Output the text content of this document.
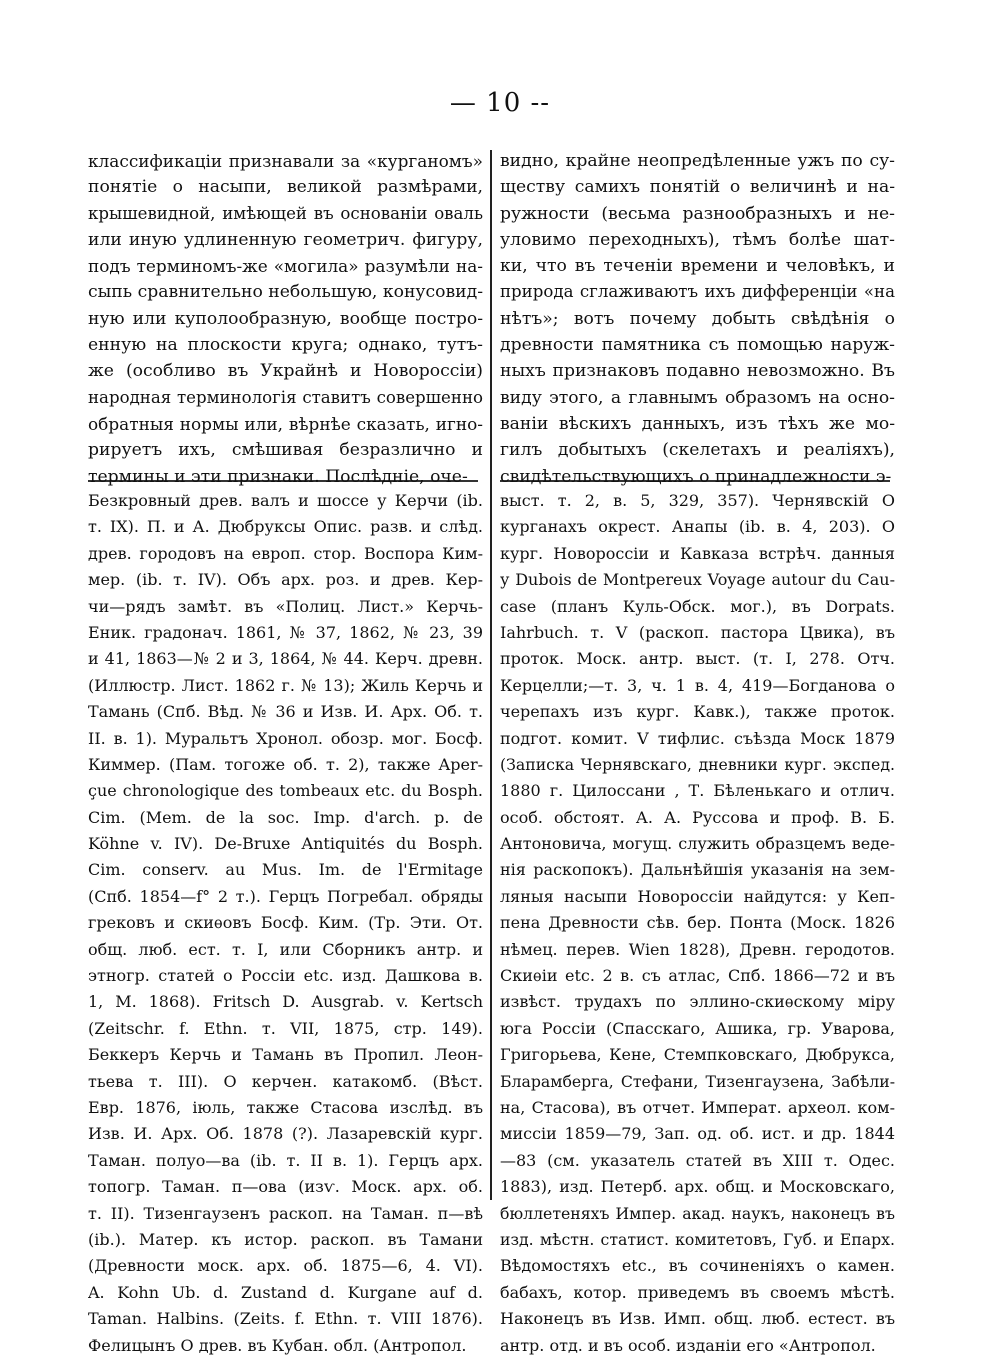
— 10 --
классификаціи признавали за «курганомъ»
понятіе о насыпи, великой размѣрами,
крышевидной, имѣющей въ основаніи оваль
или иную удлиненную геометрич. фигуру,
подъ терминомъ-же «могила» разумѣли на-
сыпь сравнительно небольшую, конусовид-
ную или куполообразную, вообще постро-
енную на плоскости круга; однако, тутъ-
же (особливо въ Украйнѣ и Новороссіи)
народная терминологія ставитъ совершенно
обратныя нормы или, вѣрнѣе сказать, игно-
рируетъ ихъ, смѣшивая безразлично и
термины и эти признаки. Послѣдніе, оче-
видно, крайне неопредѣленные ужъ по су-
ществу самихъ понятій о величинѣ и на-
ружности (весьма разнообразныхъ и не-
уловимо переходныхъ), тѣмъ болѣе шат-
ки, что въ теченіи времени и человѣкъ, и
природа сглаживаютъ ихъ дифференціи «на
нѣтъ»; вотъ почему добыть свѣдѣнія о
древности памятника съ помощью наруж-
ныхъ признаковъ подавно невозможно. Въ
виду этого, а главнымъ образомъ на осно-
ваніи вѣскихъ данныхъ, изъ тѣхъ же мо-
гилъ добытыхъ (скелетахъ и реаліяхъ),
свидѣтельствующихъ о принадлежности э-
Безкровный древ. валъ и шоссе у Керчи (ib.
т. IX). П. и А. Дюбруксы Опис. разв. и слѣд.
древ. городовъ на европ. стор. Воспора Ким-
мер. (ib. т. IV). Объ арх. роз. и древ. Кер-
чи—рядъ замѣт. въ «Полиц. Лист.» Керчь-
Еник. градонач. 1861, № 37, 1862, № 23, 39
и 41, 1863—№ 2 и 3, 1864, № 44. Керч. древн.
(Иллюстр. Лист. 1862 г. № 13); Жиль Керчь и
Тамань (Спб. Вѣд. № 36 и Изв. И. Арх. Об. т.
II. в. 1). Муральтъ Хронол. обозр. мог. Босф.
Киммер. (Пам. тогоже об. т. 2), также Aper-
çue chronologique des tombeaux etc. du Bosph.
Cim. (Mem. de la soc. Imp. d'arch. p. de
Köhne v. IV). De-Bruxe Antiquités du Bosph.
Cim. conserv. au Mus. Im. de l'Ermitage
(Спб. 1854—f° 2 т.). Герцъ Погребал. обряды
грековъ и скиѳовъ Босф. Ким. (Тр. Эти. От.
общ. люб. ест. т. I, или Сборникъ антр. и
этногр. статей о Россіи etc. изд. Дашкова в.
1, М. 1868). Fritsch D. Ausgrab. v. Kertsch
(Zeitschr. f. Ethn. т. VII, 1875, стр. 149).
Беккеръ Керчь и Тамань въ Пропил. Леон-
тьева т. III). О керчен. катакомб. (Вѣст.
Евр. 1876, іюль, также Стасова изслѣд. въ
Изв. И. Арх. Об. 1878 (?). Лазаревскій кург.
Таман. полуо—ва (ib. т. II в. 1). Герцъ арх.
топогр. Таман. п—ова (изѵ. Моск. арх. об.
т. II). Тизенгаузенъ раскоп. на Таман. п—вѣ
(ib.). Матер. къ истор. раскоп. въ Тамани
(Древности моск. арх. об. 1875—6, 4. VI).
A. Kohn Ub. d. Zustand d. Kurgane auf d.
Taman. Halbins. (Zeits. f. Ethn. т. VIII 1876).
Фелицынъ О древ. въ Кубан. обл. (Антропол.
выст. т. 2, в. 5, 329, 357). Чернявскій О
курганахъ окрест. Анапы (ib. в. 4, 203). О
кург. Новороссіи и Кавказа встрѣч. данныя
у Dubois de Montpereux Voyage autour du Cau-
case (планъ Куль-Обск. мог.), въ Dorpats.
Iahrbuch. т. V (раскоп. пастора Цвика), въ
проток. Моск. антр. выст. (т. I, 278. Отч.
Керцелли;—т. 3, ч. 1 в. 4, 419—Богданова о
черепахъ изъ кург. Кавк.), также проток.
подгот. комит. V тифлис. съѣзда Моск 1879
(Записка Чернявскаго, дневники кург. экспед.
1880 г. Цилоссани , Т. Бѣленькаго и отлич.
особ. обстоят. А. А. Руссова и проф. В. Б.
Антоновича, могущ. служить образцемъ веде-
нія раскопокъ). Дальнѣйшія указанія на зем-
ляныя насыпи Новороссіи найдутся: у Кеп-
пена Древности сѣв. бер. Понта (Моск. 1826
нѣмец. перев. Wien 1828), Древн. геродотов.
Скиѳіи etc. 2 в. съ атлас, Спб. 1866—72 и въ
извѣст. трудахъ по эллино-скиѳскому міру
юга Россіи (Спасскаго, Ашика, гр. Уварова,
Григорьева, Кене, Стемпковскаго, Дюбрукса,
Бларамберга, Стефани, Тизенгаузена, Забѣли-
на, Стасова), въ отчет. Императ. археол. ком-
миссіи 1859—79, Зап. од. об. ист. и др. 1844
—83 (см. указатель статей въ XIII т. Одес.
1883), изд. Петерб. арх. общ. и Московскаго,
бюллетеняхъ Импер. акад. наукъ, наконецъ въ
изд. мѣстн. статист. комитетовъ, Губ. и Епарх.
Вѣдомостяхъ etc., въ сочиненіяхъ о камен.
бабахъ, котор. приведемъ въ своемъ мѣстѣ.
Наконецъ въ Изв. Имп. общ. люб. естест. въ
антр. отд. и въ особ. изданіи его «Антропол.
